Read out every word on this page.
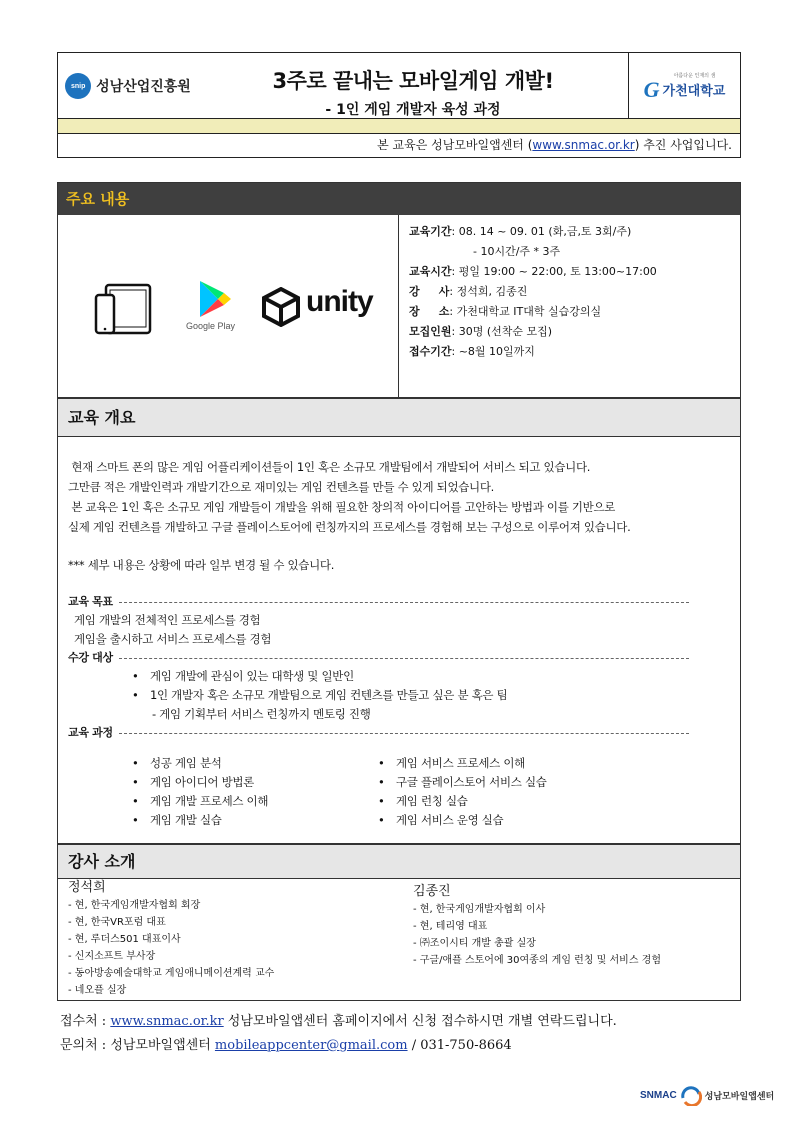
snip 성남산업진흥원	3주로 끝내는 모바일게임 개발!
- 1인 게임 개발자 육성 과정
아름다운 인재의 샘
G 가천대학교
본 교육은 성남모바일앱센터 (www.snmac.or.kr) 추진 사업입니다.
주요 내용
Google Play
unity
교육기간: 08. 14 ~ 09. 01 (화,금,토 3회/주)
- 10시간/주 * 3주
교육시간: 평일 19:00 ~ 22:00, 토 13:00~17:00
강     사: 정석희, 김종진
장     소: 가천대학교 IT대학 실습강의실
모집인원: 30명 (선착순 모집)
접수기간: ~8월 10일까지
교육 개요

현재 스마트 폰의 많은 게임 어플리케이션들이 1인 혹은 소규모 개발팀에서 개발되어 서비스 되고 있습니다.

그만큼 적은 개발인력과 개발기간으로 재미있는 게임 컨텐츠를 만들 수 있게 되었습니다.

본 교육은 1인 혹은 소규모 게임 개발들이 개발을 위해 필요한 창의적 아이디어를 고안하는 방법과 이를 기반으로

실제 게임 컨텐츠를 개발하고 구글 플레이스토어에 런칭까지의 프로세스를 경험해 보는 구성으로 이루어져 있습니다.

*** 세부 내용은 상황에 따라 일부 변경 될 수 있습니다.

교육 목표
게임 개발의 전체적인 프로세스를 경험
게임을 출시하고 서비스 프로세스를 경험
수강 대상
• 게임 개발에 관심이 있는 대학생 및 일반인
• 1인 개발자 혹은 소규모 개발팀으로 게임 컨텐츠를 만들고 싶은 분 혹은 팀
- 게임 기획부터 서비스 런칭까지 멘토링 진행
교육 과정
• 성공 게임 분석
• 게임 아이디어 방법론
• 게임 개발 프로세스 이해
• 게임 개발 실습
• 게임 서비스 프로세스 이해
• 구글 플레이스토어 서비스 실습
• 게임 런칭 실습
• 게임 서비스 운영 실습
강사 소개
정석희
- 현, 한국게임개발자협회 회장
- 현, 한국VR포럼 대표
- 현, 루더스501 대표이사
- 신지소프트 부사장
- 동아방송예술대학교 게임애니메이션계력 교수
- 네오플 실장
김종진
- 현, 한국게임개발자협회 이사
- 현, 테리영 대표
- ㈜조이시티 개발 총괄 실장
- 구글/애플 스토어에 30여종의 게임 런칭 및 서비스 경험
접수처 : www.snmac.or.kr 성남모바일앱센터 홈페이지에서 신청 접수하시면 개별 연락드립니다.
문의처 : 성남모바일앱센터 mobileappcenter@gmail.com / 031-750-8664
SNMAC	성남모바일앱센터
